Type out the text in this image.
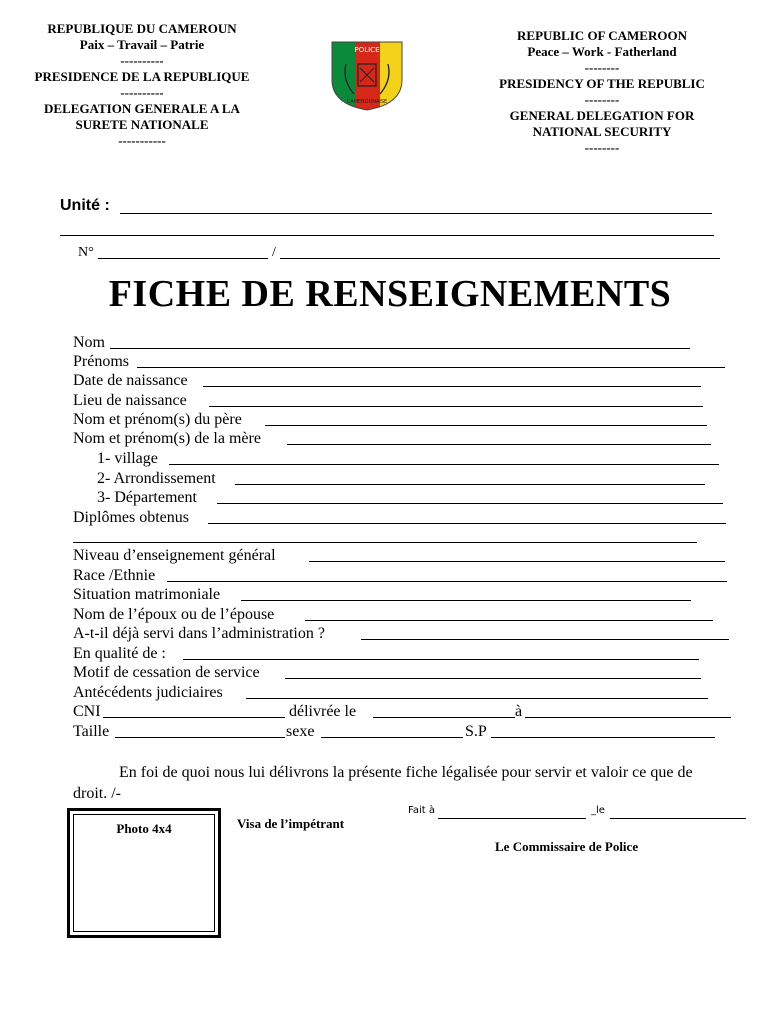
REPUBLIQUE DU CAMEROUN
Paix – Travail – Patrie
----------
PRESIDENCE DE LA REPUBLIQUE
----------
DELEGATION GENERALE A LA
SURETE NATIONALE
-----------
REPUBLIC OF CAMEROON
Peace – Work - Fatherland
--------
PRESIDENCY OF THE REPUBLIC
--------
GENERAL DELEGATION FOR
NATIONAL SECURITY
--------
POLICE
CAMEROUNAISE
Unité :
N°	/
FICHE DE RENSEIGNEMENTS
Nom
Prénoms
Date de naissance
Lieu de naissance
Nom et prénom(s) du père
Nom et prénom(s) de la mère
1- village
2- Arrondissement
3- Département
Diplômes obtenus
Niveau d’enseignement général
Race /Ethnie
Situation matrimoniale
Nom de l’époux ou de l’épouse
A-t-il déjà servi dans l’administration ?
En qualité de :
Motif de cessation de service
Antécédents judiciaires
CNI	délivrée le	à
Taille	sexe	S.P
En foi de quoi nous lui délivrons la présente fiche légalisée pour servir et valoir ce que de droit. /-
Photo 4x4	Visa de l’impétrant
Fait à	_le
Le Commissaire de Police
